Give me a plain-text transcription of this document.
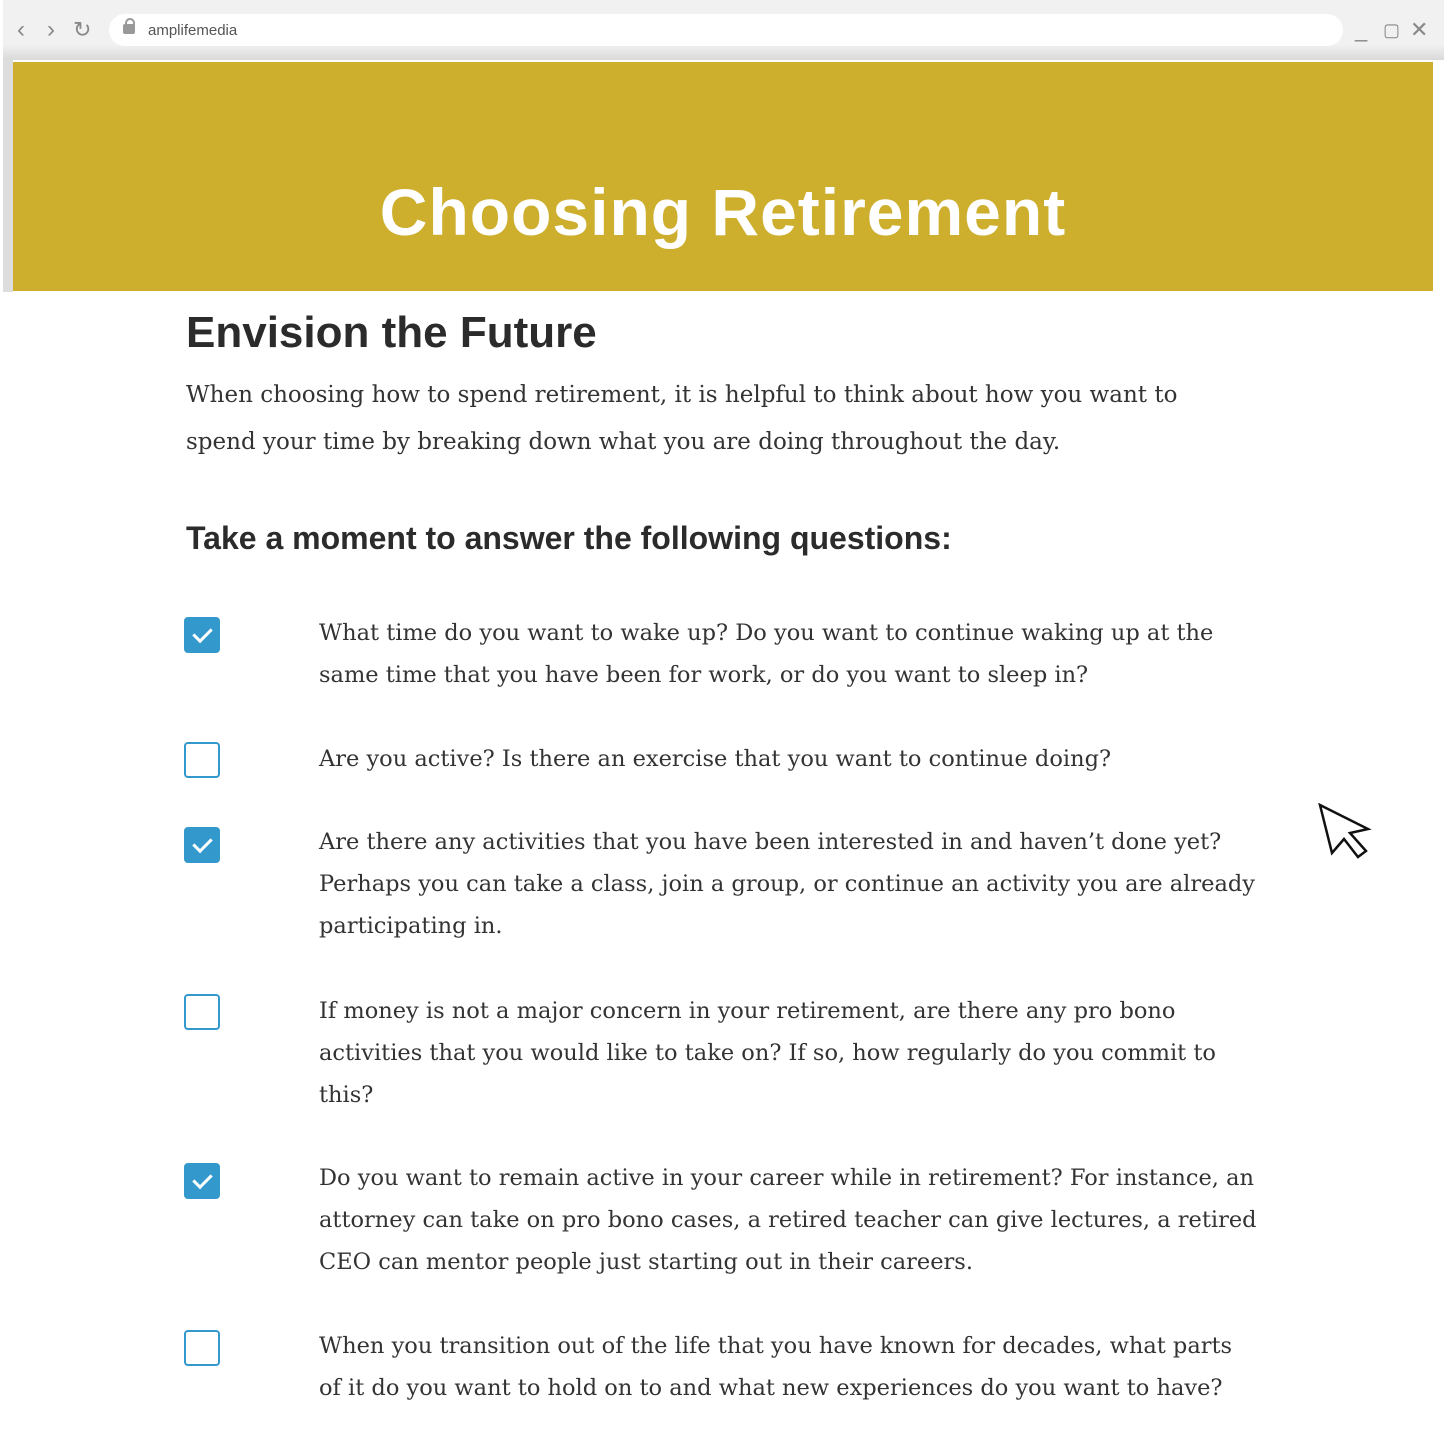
‹ › ↻	amplifemedia	_ ▢ ✕
Choosing Retirement
Envision the Future

When choosing how to spend retirement, it is helpful to think about how you want to spend your time by breaking down what you are doing throughout the day.

Take a moment to answer the following questions:

What time do you want to wake up? Do you want to continue waking up at the same time that you have been for work, or do you want to sleep in?

Are you active? Is there an exercise that you want to continue doing?

Are there any activities that you have been interested in and haven’t done yet? Perhaps you can take a class, join a group, or continue an activity you are already participating in.

If money is not a major concern in your retirement, are there any pro bono activities that you would like to take on? If so, how regularly do you commit to this?

Do you want to remain active in your career while in retirement? For instance, an attorney can take on pro bono cases, a retired teacher can give lectures, a retired CEO can mentor people just starting out in their careers.

When you transition out of the life that you have known for decades, what parts of it do you want to hold on to and what new experiences do you want to have?
